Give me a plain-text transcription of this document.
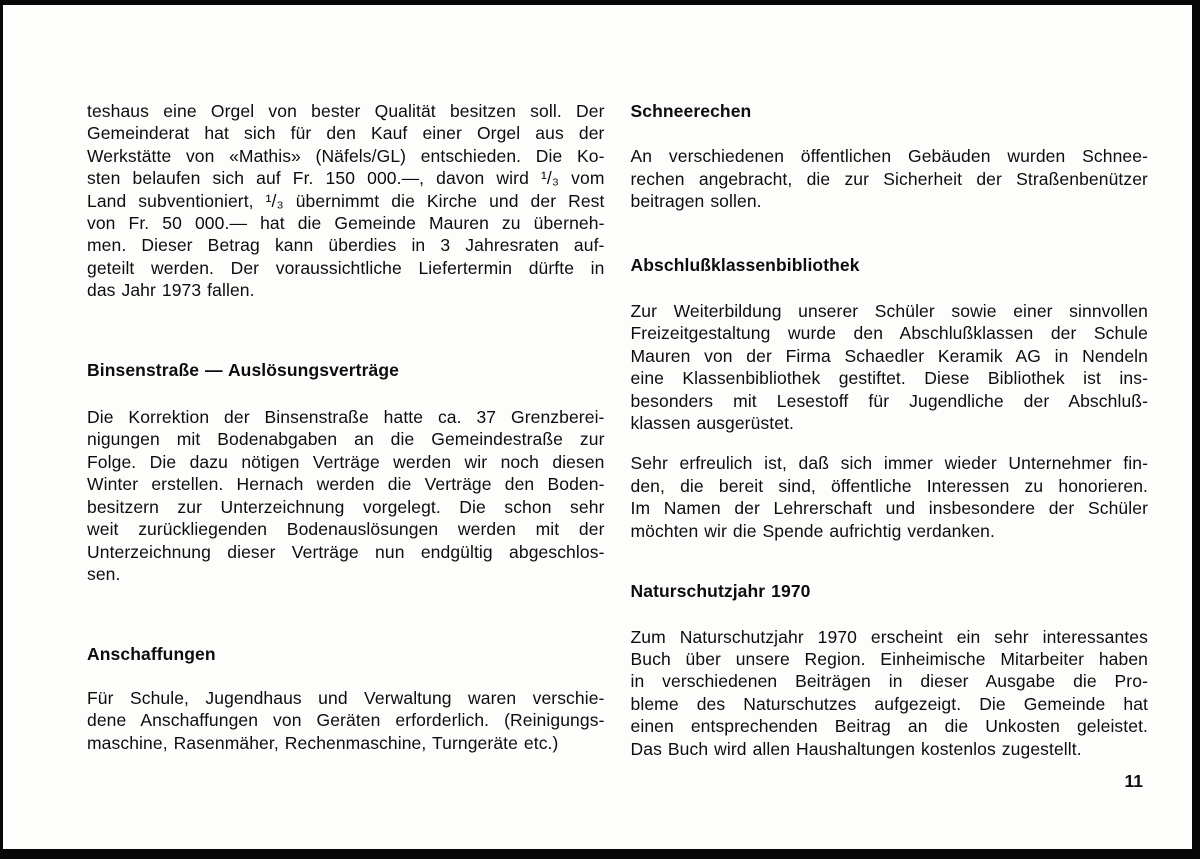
teshaus eine Orgel von bester Qualität besitzen soll. Der
Gemeinderat hat sich für den Kauf einer Orgel aus der
Werkstätte von «Mathis» (Näfels/GL) entschieden. Die Ko-
sten belaufen sich auf Fr. 150 000.—, davon wird ¹/₃ vom
Land subventioniert, ¹/₃ übernimmt die Kirche und der Rest
von Fr. 50 000.— hat die Gemeinde Mauren zu überneh-
men. Dieser Betrag kann überdies in 3 Jahresraten auf-
geteilt werden. Der voraussichtliche Liefertermin dürfte in
das Jahr 1973 fallen.

Binsenstraße — Auslösungsverträge

Die Korrektion der Binsenstraße hatte ca. 37 Grenzberei-
nigungen mit Bodenabgaben an die Gemeindestraße zur
Folge. Die dazu nötigen Verträge werden wir noch diesen
Winter erstellen. Hernach werden die Verträge den Boden-
besitzern zur Unterzeichnung vorgelegt. Die schon sehr
weit zurückliegenden Bodenauslösungen werden mit der
Unterzeichnung dieser Verträge nun endgültig abgeschlos-
sen.

Anschaffungen

Für Schule, Jugendhaus und Verwaltung waren verschie-
dene Anschaffungen von Geräten erforderlich. (Reinigungs-
maschine, Rasenmäher, Rechenmaschine, Turngeräte etc.)

Schneerechen

An verschiedenen öffentlichen Gebäuden wurden Schnee-
rechen angebracht, die zur Sicherheit der Straßenbenützer
beitragen sollen.

Abschlußklassenbibliothek

Zur Weiterbildung unserer Schüler sowie einer sinnvollen
Freizeitgestaltung wurde den Abschlußklassen der Schule
Mauren von der Firma Schaedler Keramik AG in Nendeln
eine Klassenbibliothek gestiftet. Diese Bibliothek ist ins-
besonders mit Lesestoff für Jugendliche der Abschluß-
klassen ausgerüstet.

Sehr erfreulich ist, daß sich immer wieder Unternehmer fin-
den, die bereit sind, öffentliche Interessen zu honorieren.
Im Namen der Lehrerschaft und insbesondere der Schüler
möchten wir die Spende aufrichtig verdanken.

Naturschutzjahr 1970

Zum Naturschutzjahr 1970 erscheint ein sehr interessantes
Buch über unsere Region. Einheimische Mitarbeiter haben
in verschiedenen Beiträgen in dieser Ausgabe die Pro-
bleme des Naturschutzes aufgezeigt. Die Gemeinde hat
einen entsprechenden Beitrag an die Unkosten geleistet.
Das Buch wird allen Haushaltungen kostenlos zugestellt.

11
